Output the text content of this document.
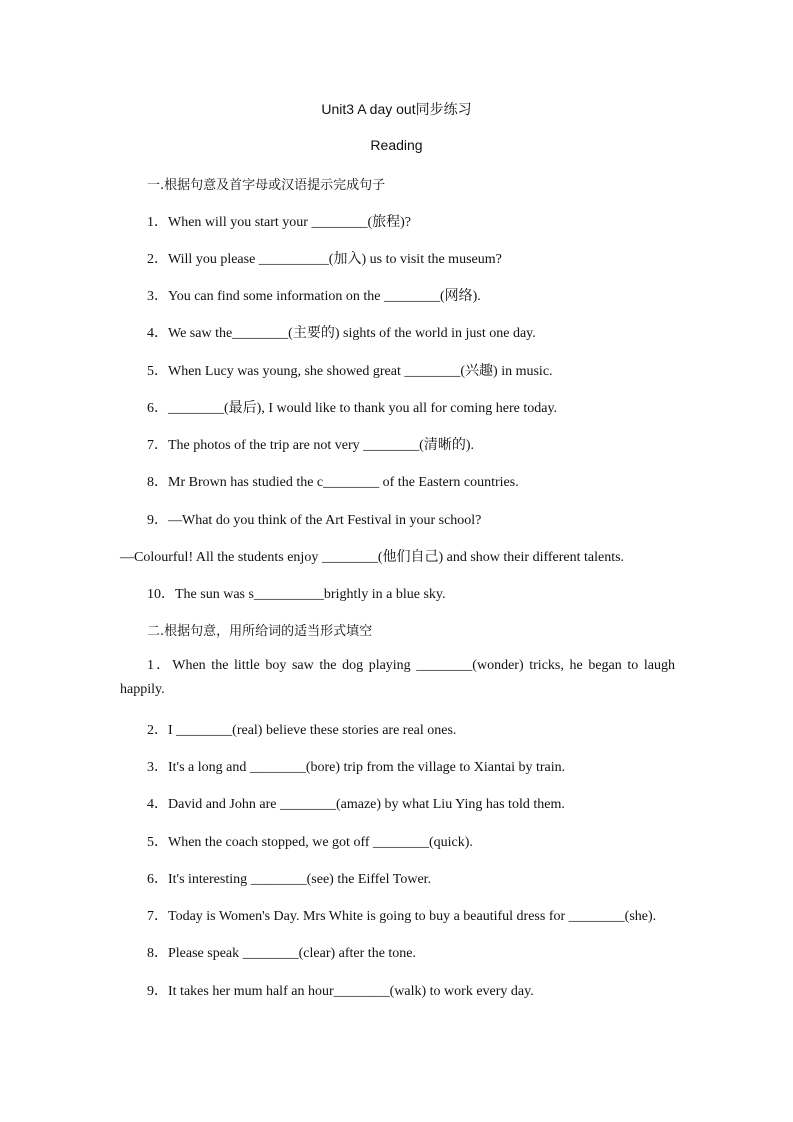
Unit3 A day out同步练习
Reading
一.根据句意及首字母或汉语提示完成句子
1．When will you start your ________(旅程)?
2．Will you please __________(加入) us to visit the museum?
3．You can find some information on the ________(网络).
4．We saw the________(主要的) sights of the world in just one day.
5．When Lucy was young, she showed great ________(兴趣) in music.
6．________(最后), I would like to thank you all for coming here today.
7．The photos of the trip are not very ________(清晰的).
8．Mr Brown has studied the c________ of the Eastern countries.
9．—What do you think of the Art Festival in your school?
—Colourful! All the students enjoy ________(他们自己) and show their different talents.
10．The sun was s__________brightly in a blue sky.
二.根据句意，用所给词的适当形式填空
1．When the little boy saw the dog playing ________(wonder) tricks, he began to laugh happily.
2．I ________(real) believe these stories are real ones.
3．It's a long and ________(bore) trip from the village to Xiantai by train.
4．David and John are ________(amaze) by what Liu Ying has told them.
5．When the coach stopped, we got off ________(quick).
6．It's interesting ________(see) the Eiffel Tower.
7．Today is Women's Day. Mrs White is going to buy a beautiful dress for ________(she).
8．Please speak ________(clear) after the tone.
9．It takes her mum half an hour________(walk) to work every day.
